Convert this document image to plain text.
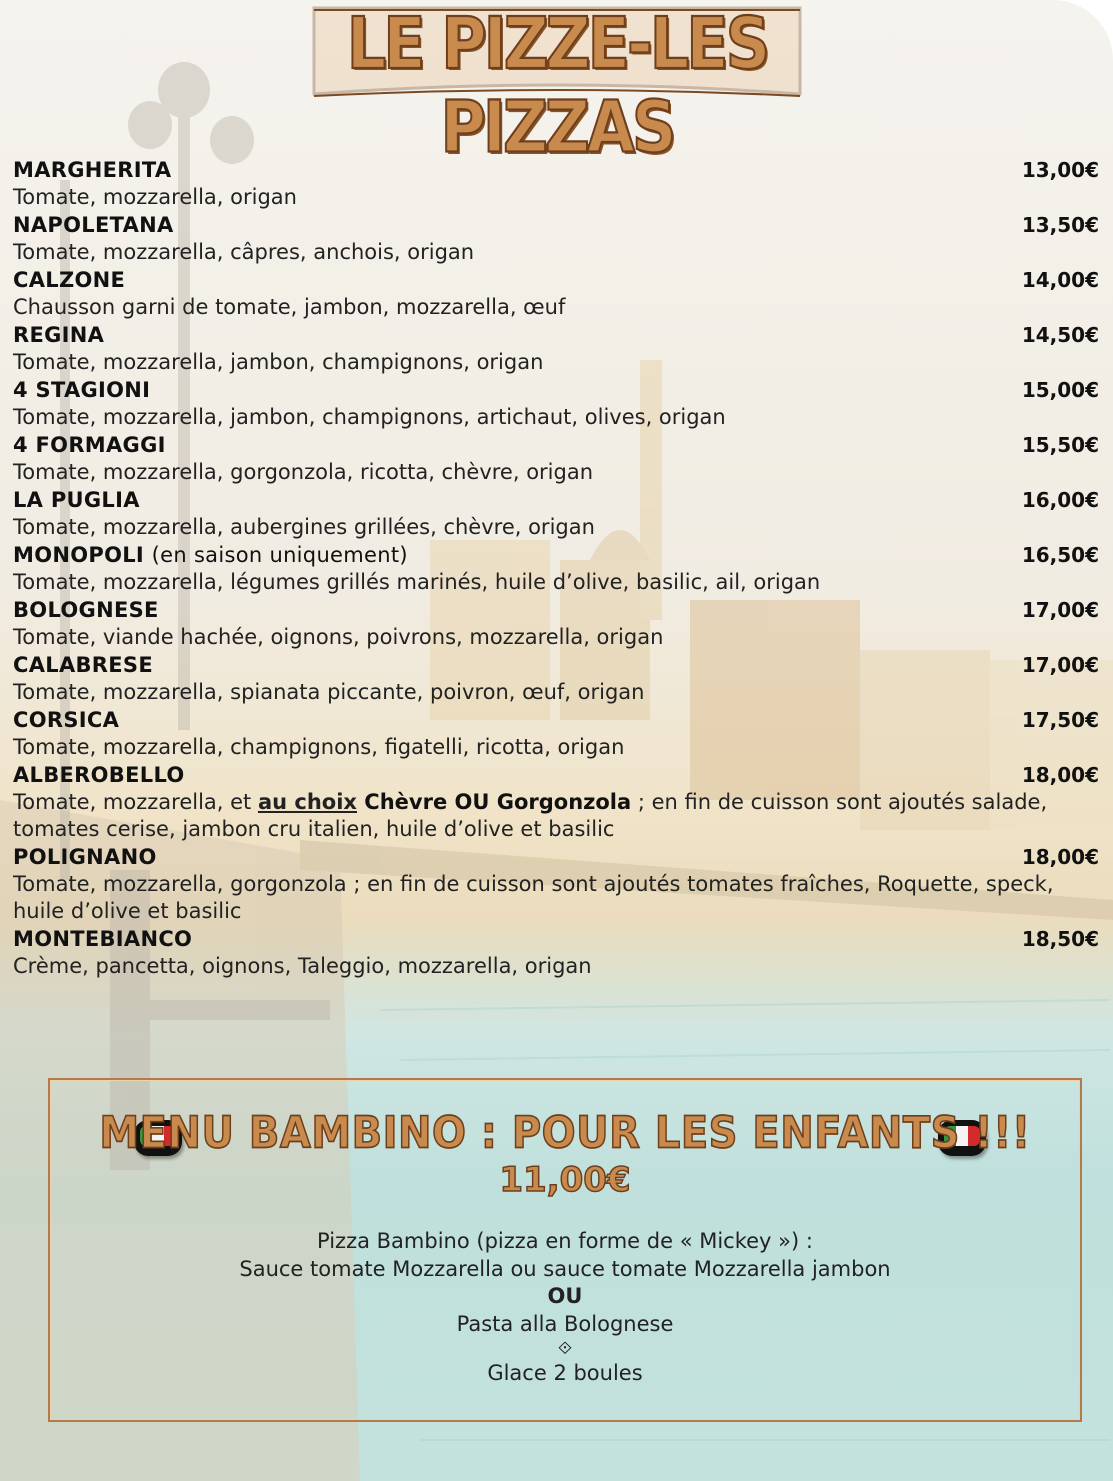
LE PIZZE-LES PIZZAS
MARGHERITA	13,00€
Tomate, mozzarella, origan
NAPOLETANA	13,50€
Tomate, mozzarella, câpres, anchois, origan
CALZONE	14,00€
Chausson garni de tomate, jambon, mozzarella, œuf
REGINA	14,50€
Tomate, mozzarella, jambon, champignons, origan
4 STAGIONI	15,00€
Tomate, mozzarella, jambon, champignons, artichaut, olives, origan
4 FORMAGGI	15,50€
Tomate, mozzarella, gorgonzola, ricotta, chèvre, origan
LA PUGLIA	16,00€
Tomate, mozzarella, aubergines grillées, chèvre, origan
MONOPOLI (en saison uniquement)	16,50€
Tomate, mozzarella, légumes grillés marinés, huile d’olive, basilic, ail, origan
BOLOGNESE	17,00€
Tomate, viande hachée, oignons, poivrons, mozzarella, origan
CALABRESE	17,00€
Tomate, mozzarella, spianata piccante, poivron, œuf, origan
CORSICA	17,50€
Tomate, mozzarella, champignons, figatelli, ricotta, origan
ALBEROBELLO	18,00€
Tomate, mozzarella, et au choix Chèvre OU Gorgonzola ; en fin de cuisson sont ajoutés salade, tomates cerise, jambon cru italien, huile d’olive et basilic
POLIGNANO	18,00€
Tomate, mozzarella, gorgonzola ; en fin de cuisson sont ajoutés tomates fraîches, Roquette, speck, huile d’olive et basilic
MONTEBIANCO	18,50€
Crème, pancetta, oignons, Taleggio, mozzarella, origan
MENU BAMBINO : POUR LES ENFANTS !!!
11,00€
Pizza Bambino (pizza en forme de « Mickey ») :
Sauce tomate Mozzarella ou sauce tomate Mozzarella jambon
OU
Pasta alla Bolognese
⟐
Glace 2 boules
